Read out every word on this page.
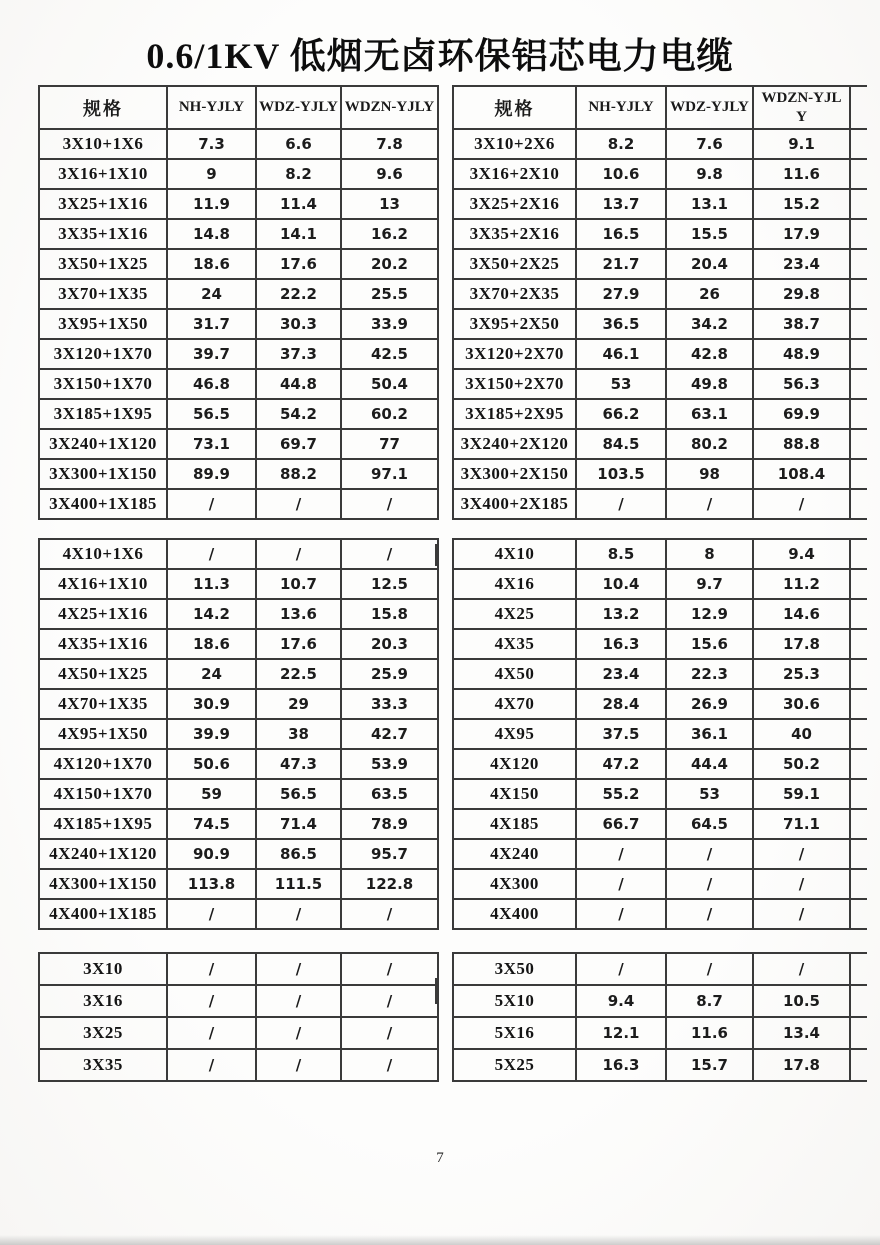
0.6/1KV 低烟无卤环保铝芯电力电缆
规格	NH-YJLY	WDZ-YJLY	WDZN-YJLY
3X10+1X6	7.3	6.6	7.8
3X16+1X10	9	8.2	9.6
3X25+1X16	11.9	11.4	13
3X35+1X16	14.8	14.1	16.2
3X50+1X25	18.6	17.6	20.2
3X70+1X35	24	22.2	25.5
3X95+1X50	31.7	30.3	33.9
3X120+1X70	39.7	37.3	42.5
3X150+1X70	46.8	44.8	50.4
3X185+1X95	56.5	54.2	60.2
3X240+1X120	73.1	69.7	77
3X300+1X150	89.9	88.2	97.1
3X400+1X185	/	/	/
4X10+1X6	/	/	/
4X16+1X10	11.3	10.7	12.5
4X25+1X16	14.2	13.6	15.8
4X35+1X16	18.6	17.6	20.3
4X50+1X25	24	22.5	25.9
4X70+1X35	30.9	29	33.3
4X95+1X50	39.9	38	42.7
4X120+1X70	50.6	47.3	53.9
4X150+1X70	59	56.5	63.5
4X185+1X95	74.5	71.4	78.9
4X240+1X120	90.9	86.5	95.7
4X300+1X150	113.8	111.5	122.8
4X400+1X185	/	/	/
3X10	/	/	/
3X16	/	/	/
3X25	/	/	/
3X35	/	/	/
规格	NH-YJLY	WDZ-YJLY	WDZN-YJL
Y	
3X10+2X6	8.2	7.6	9.1	
3X16+2X10	10.6	9.8	11.6	
3X25+2X16	13.7	13.1	15.2	
3X35+2X16	16.5	15.5	17.9	
3X50+2X25	21.7	20.4	23.4	
3X70+2X35	27.9	26	29.8	
3X95+2X50	36.5	34.2	38.7	
3X120+2X70	46.1	42.8	48.9	
3X150+2X70	53	49.8	56.3	
3X185+2X95	66.2	63.1	69.9	
3X240+2X120	84.5	80.2	88.8	
3X300+2X150	103.5	98	108.4	
3X400+2X185	/	/	/	
4X10	8.5	8	9.4	
4X16	10.4	9.7	11.2	
4X25	13.2	12.9	14.6	
4X35	16.3	15.6	17.8	
4X50	23.4	22.3	25.3	
4X70	28.4	26.9	30.6	
4X95	37.5	36.1	40	
4X120	47.2	44.4	50.2	
4X150	55.2	53	59.1	
4X185	66.7	64.5	71.1	
4X240	/	/	/	
4X300	/	/	/	
4X400	/	/	/	
3X50	/	/	/	
5X10	9.4	8.7	10.5	
5X16	12.1	11.6	13.4	
5X25	16.3	15.7	17.8	
7
